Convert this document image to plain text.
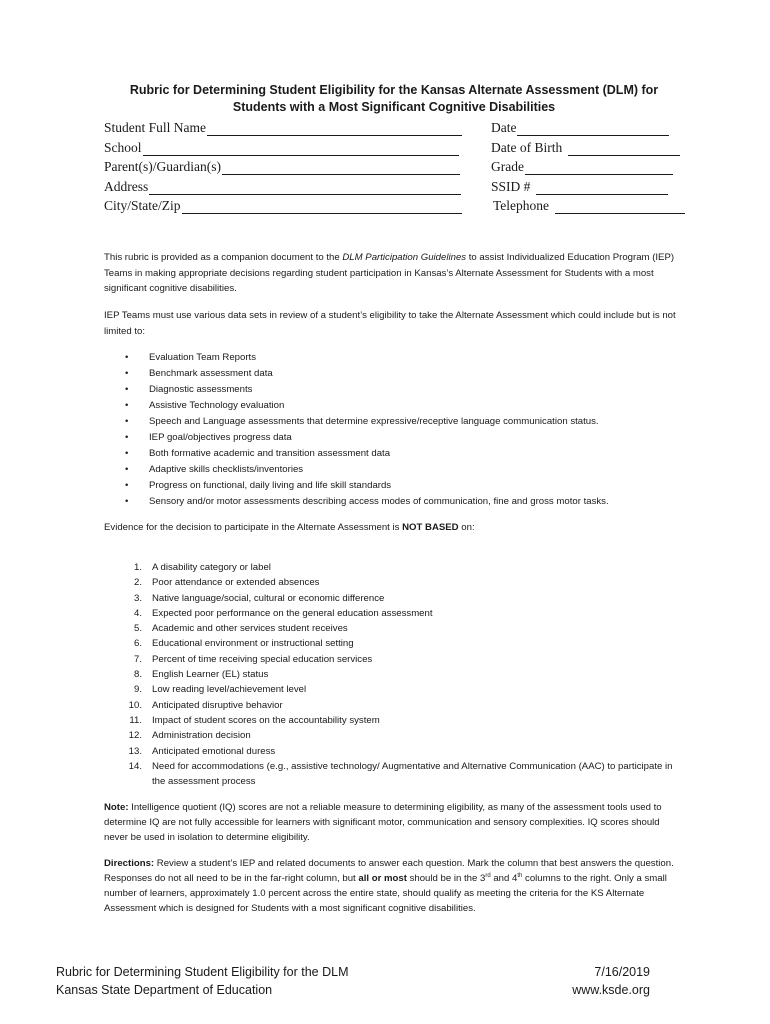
Rubric for Determining Student Eligibility for the Kansas Alternate Assessment (DLM) for
Students with a Most Significant Cognitive Disabilities
Student Full Name	Date
School	Date of Birth
Parent(s)/Guardian(s)	Grade
Address	SSID #
City/State/Zip	Telephone

This rubric is provided as a companion document to the DLM Participation Guidelines to assist Individualized Education Program (IEP) Teams in making appropriate decisions regarding student participation in Kansas’s Alternate Assessment for Students with a most significant cognitive disabilities.

IEP Teams must use various data sets in review of a student’s eligibility to take the Alternate Assessment which could include but is not limited to:

• Evaluation Team Reports
• Benchmark assessment data
• Diagnostic assessments
• Assistive Technology evaluation
• Speech and Language assessments that determine expressive/receptive language communication status.
• IEP goal/objectives progress data
• Both formative academic and transition assessment data
• Adaptive skills checklists/inventories
• Progress on functional, daily living and life skill standards
• Sensory and/or motor assessments describing access modes of communication, fine and gross motor tasks.

Evidence for the decision to participate in the Alternate Assessment is NOT BASED on:

1. A disability category or label
2. Poor attendance or extended absences
3. Native language/social, cultural or economic difference
4. Expected poor performance on the general education assessment
5. Academic and other services student receives
6. Educational environment or instructional setting
7. Percent of time receiving special education services
8. English Learner (EL) status
9. Low reading level/achievement level
10. Anticipated disruptive behavior
11. Impact of student scores on the accountability system
12. Administration decision
13. Anticipated emotional duress
14. Need for accommodations (e.g., assistive technology/ Augmentative and Alternative Communication (AAC) to participate in the assessment process

Note: Intelligence quotient (IQ) scores are not a reliable measure to determining eligibility, as many of the assessment tools used to determine IQ are not fully accessible for learners with significant motor, communication and sensory complexities. IQ scores should never be used in isolation to determine eligibility.

Directions: Review a student’s IEP and related documents to answer each question. Mark the column that best answers the question. Responses do not all need to be in the far-right column, but all or most should be in the 3rd and 4th columns to the right. Only a small number of learners, approximately 1.0 percent across the entire state, should qualify as meeting the criteria for the KS Alternate Assessment which is designed for Students with a most significant cognitive disabilities.

Rubric for Determining Student Eligibility for the DLM
Kansas State Department of Education
7/16/2019
www.ksde.org
